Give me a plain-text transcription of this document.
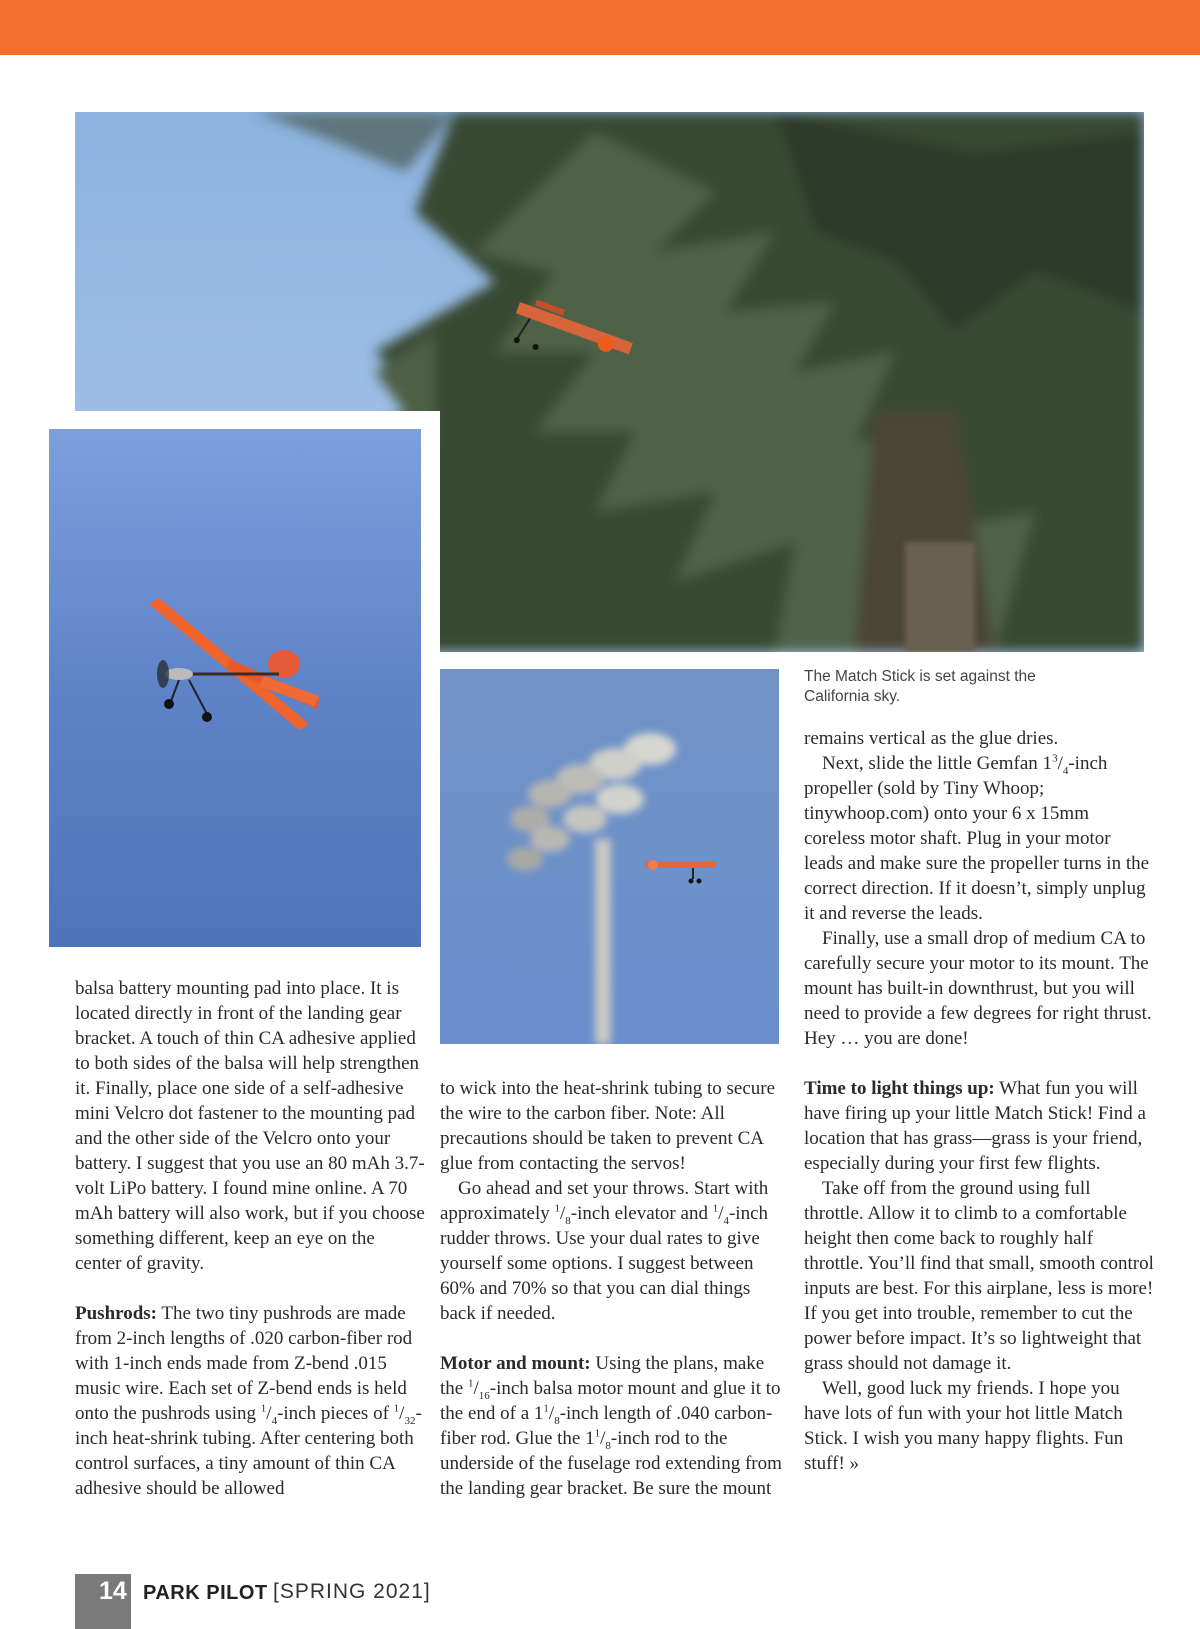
The Match Stick is set against the California sky.

balsa battery mounting pad into place. It is located directly in front of the landing gear bracket. A touch of thin CA adhesive applied to both sides of the balsa will help strengthen it. Finally, place one side of a self-adhesive mini Velcro dot fastener to the mounting pad and the other side of the Velcro onto your battery. I suggest that you use an 80 mAh 3.7-volt LiPo battery. I found mine online. A 70 mAh battery will also work, but if you choose something different, keep an eye on the center of gravity.

Pushrods: The two tiny pushrods are made from 2-inch lengths of .020 carbon-fiber rod with 1-inch ends made from Z-bend .015 music wire. Each set of Z-bend ends is held onto the pushrods using $^1/_4$-inch pieces of $^1/_{32}$-inch heat-shrink tubing. After centering both control surfaces, a tiny amount of thin CA adhesive should be allowed

to wick into the heat-shrink tubing to secure the wire to the carbon fiber. Note: All precautions should be taken to prevent CA glue from contacting the servos!

Go ahead and set your throws. Start with approximately $^1/_8$-inch elevator and $^1/_4$-inch rudder throws. Use your dual rates to give yourself some options. I suggest between 60% and 70% so that you can dial things back if needed.

Motor and mount: Using the plans, make the $^1/_{16}$-inch balsa motor mount and glue it to the end of a $1^1/_8$-inch length of .040 carbon-fiber rod. Glue the $1^1/_8$-inch rod to the underside of the fuselage rod extending from the landing gear bracket. Be sure the mount

remains vertical as the glue dries.

Next, slide the little Gemfan $1^3/_4$-inch propeller (sold by Tiny Whoop; tinywhoop.com) onto your 6 x 15mm coreless motor shaft. Plug in your motor leads and make sure the propeller turns in the correct direction. If it doesn’t, simply unplug it and reverse the leads.

Finally, use a small drop of medium CA to carefully secure your motor to its mount. The mount has built-in downthrust, but you will need to provide a few degrees for right thrust. Hey … you are done!

Time to light things up: What fun you will have firing up your little Match Stick! Find a location that has grass—grass is your friend, especially during your first few flights.

Take off from the ground using full throttle. Allow it to climb to a comfortable height then come back to roughly half throttle. You’ll find that small, smooth control inputs are best. For this airplane, less is more! If you get into trouble, remember to cut the power before impact. It’s so lightweight that grass should not damage it.

Well, good luck my friends. I hope you have lots of fun with your hot little Match Stick. I wish you many happy flights. Fun stuff! »

14 PARK PILOT [SPRING 2021]
